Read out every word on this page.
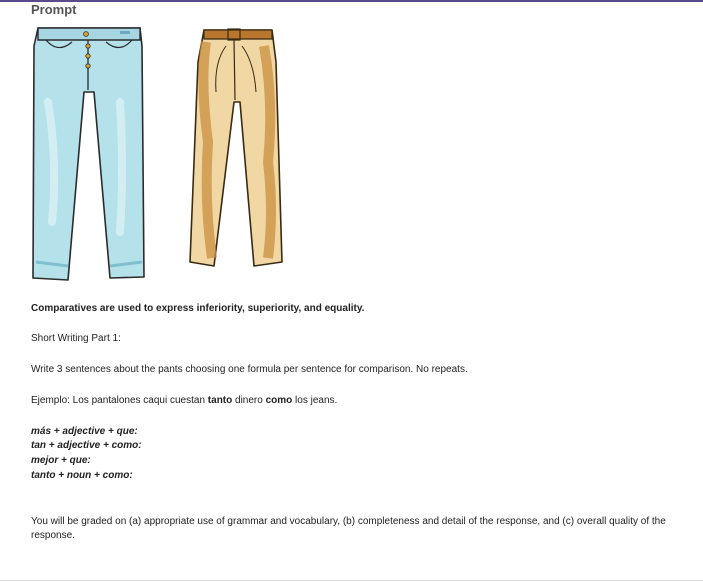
Prompt
Comparatives are used to express inferiority, superiority, and equality.
Short Writing Part 1:
Write 3 sentences about the pants choosing one formula per sentence for comparison. No repeats.
Ejemplo: Los pantalones caqui cuestan tanto dinero como los jeans.
más + adjective + que:
tan + adjective + como:
mejor + que:
tanto + noun + como:
You will be graded on (a) appropriate use of grammar and vocabulary, (b) completeness and detail of the response, and (c) overall quality of the response.
